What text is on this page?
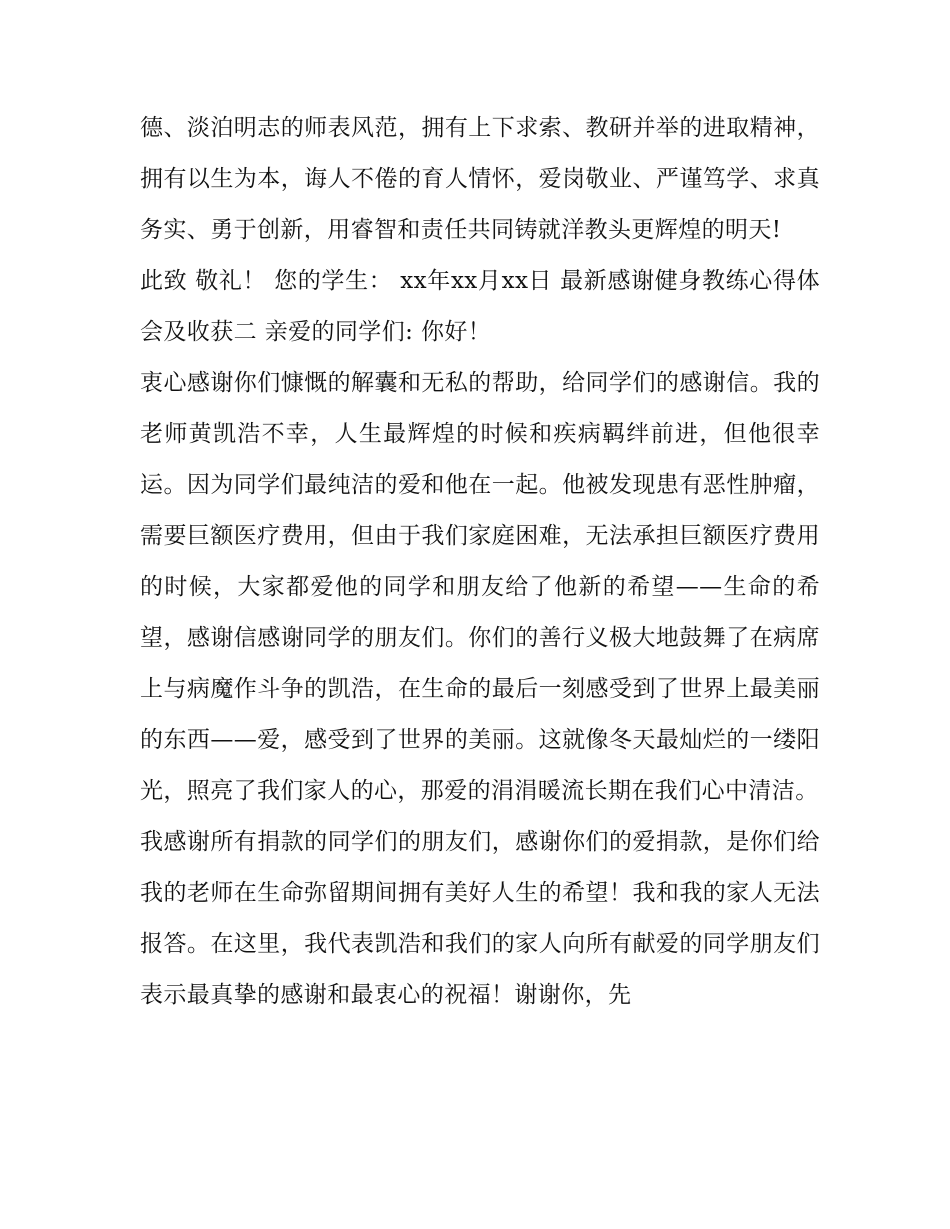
德、淡泊明志的师表风范，拥有上下求索、教研并举的进取精神，拥有以生为本，诲人不倦的育人情怀，爱岗敬业、严谨笃学、求真务实、勇于创新，用睿智和责任共同铸就洋教头更辉煌的明天!

此致 敬礼！ 您的学生： xx年xx月xx日 最新感谢健身教练心得体会及收获二 亲爱的同学们: 你好！

衷心感谢你们慷慨的解囊和无私的帮助，给同学们的感谢信。我的老师黄凯浩不幸，人生最辉煌的时候和疾病羁绊前进，但他很幸运。因为同学们最纯洁的爱和他在一起。他被发现患有恶性肿瘤，需要巨额医疗费用，但由于我们家庭困难，无法承担巨额医疗费用的时候，大家都爱他的同学和朋友给了他新的希望——生命的希望，感谢信感谢同学的朋友们。你们的善行义极大地鼓舞了在病席上与病魔作斗争的凯浩，在生命的最后一刻感受到了世界上最美丽的东西——爱，感受到了世界的美丽。这就像冬天最灿烂的一缕阳光，照亮了我们家人的心，那爱的涓涓暖流长期在我们心中清洁。

我感谢所有捐款的同学们的朋友们，感谢你们的爱捐款，是你们给我的老师在生命弥留期间拥有美好人生的希望！我和我的家人无法报答。在这里，我代表凯浩和我们的家人向所有献爱的同学朋友们表示最真挚的感谢和最衷心的祝福！谢谢你，先
